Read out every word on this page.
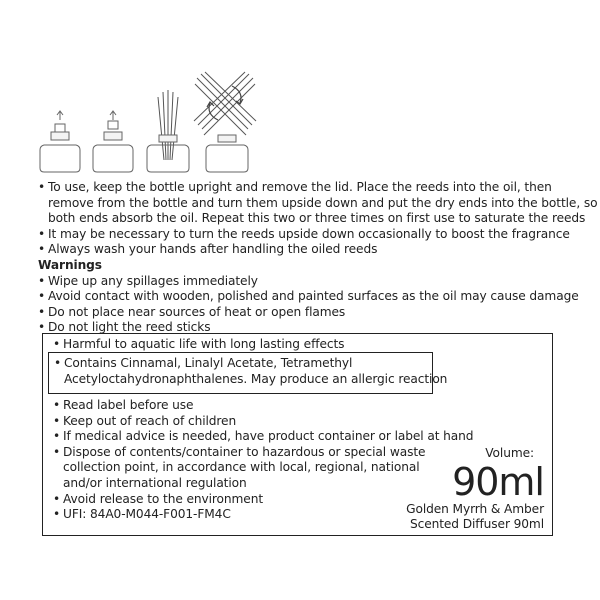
• To use, keep the bottle upright and remove the lid. Place the reeds into the oil, then
remove from the bottle and turn them upside down and put the dry ends into the bottle, so
both ends absorb the oil. Repeat this two or three times on first use to saturate the reeds
• It may be necessary to turn the reeds upside down occasionally to boost the fragrance
• Always wash your hands after handling the oiled reeds
Warnings
• Wipe up any spillages immediately
• Avoid contact with wooden, polished and painted surfaces as the oil may cause damage
• Do not place near sources of heat or open flames
• Do not light the reed sticks
• Harmful to aquatic life with long lasting effects
• Contains Cinnamal, Linalyl Acetate, Tetramethyl
Acetyloctahydronaphthalenes. May produce an allergic reaction
• Read label before use
• Keep out of reach of children
• If medical advice is needed, have product container or label at hand
• Dispose of contents/container to hazardous or special waste
collection point, in accordance with local, regional, national
and/or international regulation
• Avoid release to the environment
• UFI: 84A0-M044-F001-FM4C
Volume:
90ml
Golden Myrrh & Amber
Scented Diffuser 90ml
